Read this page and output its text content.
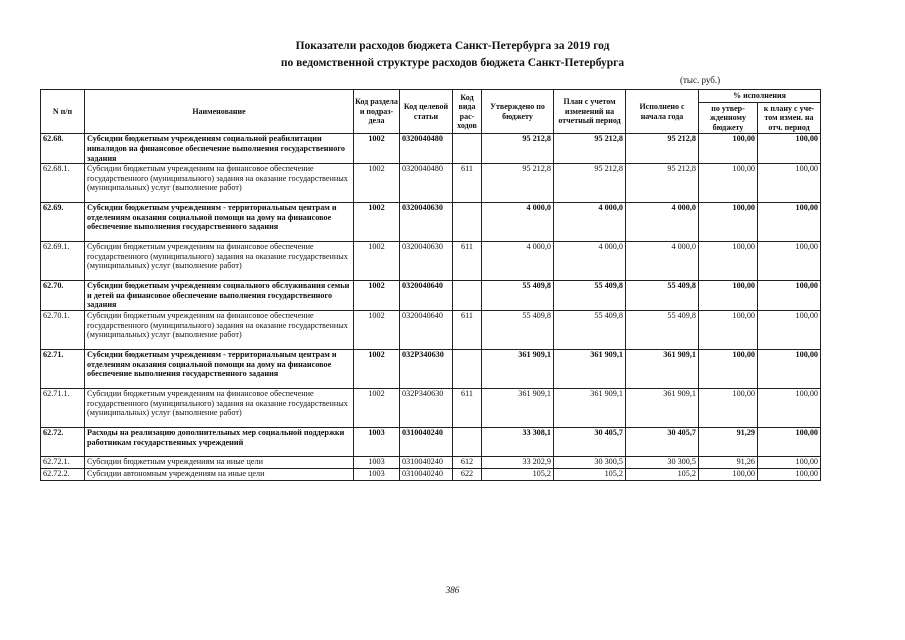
Показатели расходов бюджета Санкт-Петербурга за 2019 год
по ведомственной структуре расходов бюджета Санкт-Петербурга
(тыс. руб.)
N п/п	Наименование	Код раздела и подраз-дела	Код целевой статьи	Код вида рас-ходов	Утверждено по бюджету	План с учетом изменений на отчетный период	Исполнено с начала года	% исполнения	
								по утвер-жденному бюджету	к плану с уче-том измен. на отч. период
62.68.	Субсидии бюджетным учреждениям социальной реабилитации инвалидов на финансовое обеспечение выполнения государственного задания	1002	0320040480		95 212,8	95 212,8	95 212,8	100,00	100,00
62.68.1.	Субсидии бюджетным учреждениям на финансовое обеспечение государственного (муниципального) задания на оказание государственных (муниципальных) услуг (выполнение работ)	1002	0320040480	611	95 212,8	95 212,8	95 212,8	100,00	100,00
62.69.	Субсидии бюджетным учреждениям - территориальным центрам и отделениям оказания социальной помощи на дому на финансовое обеспечение выполнения государственного задания	1002	0320040630		4 000,0	4 000,0	4 000,0	100,00	100,00
62.69.1.	Субсидии бюджетным учреждениям на финансовое обеспечение государственного (муниципального) задания на оказание государственных (муниципальных) услуг (выполнение работ)	1002	0320040630	611	4 000,0	4 000,0	4 000,0	100,00	100,00
62.70.	Субсидии бюджетным учреждениям социального обслуживания семьи и детей на финансовое обеспечение выполнения государственного задания	1002	0320040640		55 409,8	55 409,8	55 409,8	100,00	100,00
62.70.1.	Субсидии бюджетным учреждениям на финансовое обеспечение государственного (муниципального) задания на оказание государственных (муниципальных) услуг (выполнение работ)	1002	0320040640	611	55 409,8	55 409,8	55 409,8	100,00	100,00
62.71.	Субсидии бюджетным учреждениям - территориальным центрам и отделениям оказания социальной помощи на дому на финансовое обеспечение выполнения государственного задания	1002	032P340630		361 909,1	361 909,1	361 909,1	100,00	100,00
62.71.1.	Субсидии бюджетным учреждениям на финансовое обеспечение государственного (муниципального) задания на оказание государственных (муниципальных) услуг (выполнение работ)	1002	032P340630	611	361 909,1	361 909,1	361 909,1	100,00	100,00
62.72.	Расходы на реализацию дополнительных мер социальной поддержки работникам государственных учреждений	1003	0310040240		33 308,1	30 405,7	30 405,7	91,29	100,00
62.72.1.	Субсидии бюджетным учреждениям на иные цели	1003	0310040240	612	33 202,9	30 300,5	30 300,5	91,26	100,00
62.72.2.	Субсидии автономным учреждениям на иные цели	1003	0310040240	622	105,2	105,2	105,2	100,00	100,00
386
